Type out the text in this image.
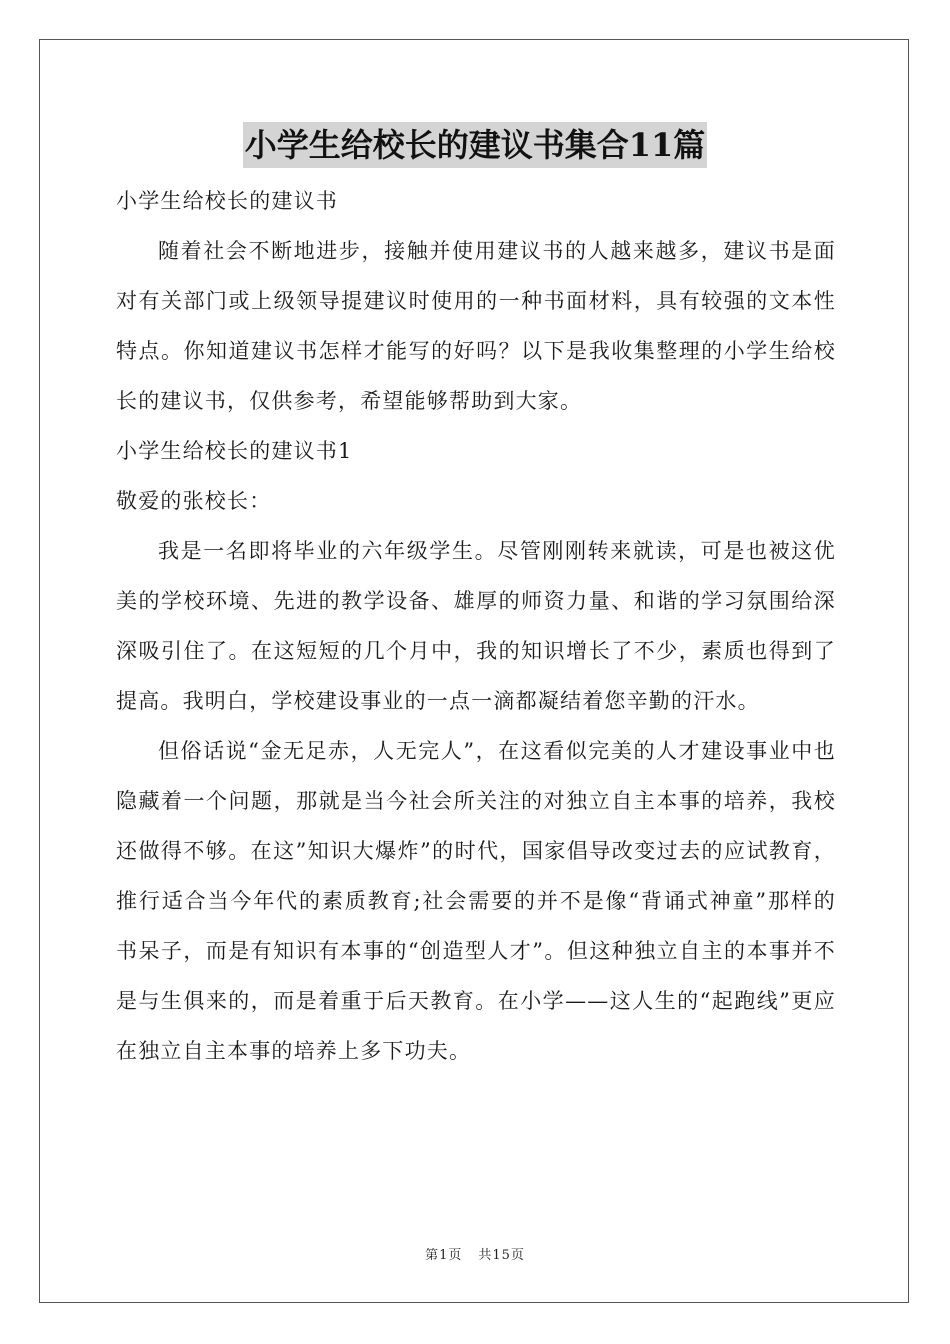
小学生给校长的建议书集合11篇
小学生给校长的建议书
随着社会不断地进步，接触并使用建议书的人越来越多，建议书是面对有关部门或上级领导提建议时使用的一种书面材料，具有较强的文本性特点。你知道建议书怎样才能写的好吗？以下是我收集整理的小学生给校长的建议书，仅供参考，希望能够帮助到大家。
小学生给校长的建议书1
敬爱的张校长：
我是一名即将毕业的六年级学生。尽管刚刚转来就读，可是也被这优美的学校环境、先进的教学设备、雄厚的师资力量、和谐的学习氛围给深深吸引住了。在这短短的几个月中，我的知识增长了不少，素质也得到了提高。我明白，学校建设事业的一点一滴都凝结着您辛勤的汗水。
但俗话说“金无足赤，人无完人”，在这看似完美的人才建设事业中也隐藏着一个问题，那就是当今社会所关注的对独立自主本事的培养，我校还做得不够。在这”知识大爆炸”的时代，国家倡导改变过去的应试教育，推行适合当今年代的素质教育;社会需要的并不是像“背诵式神童”那样的书呆子，而是有知识有本事的“创造型人才”。但这种独立自主的本事并不是与生俱来的，而是着重于后天教育。在小学——这人生的“起跑线”更应在独立自主本事的培养上多下功夫。
第1页 共15页
